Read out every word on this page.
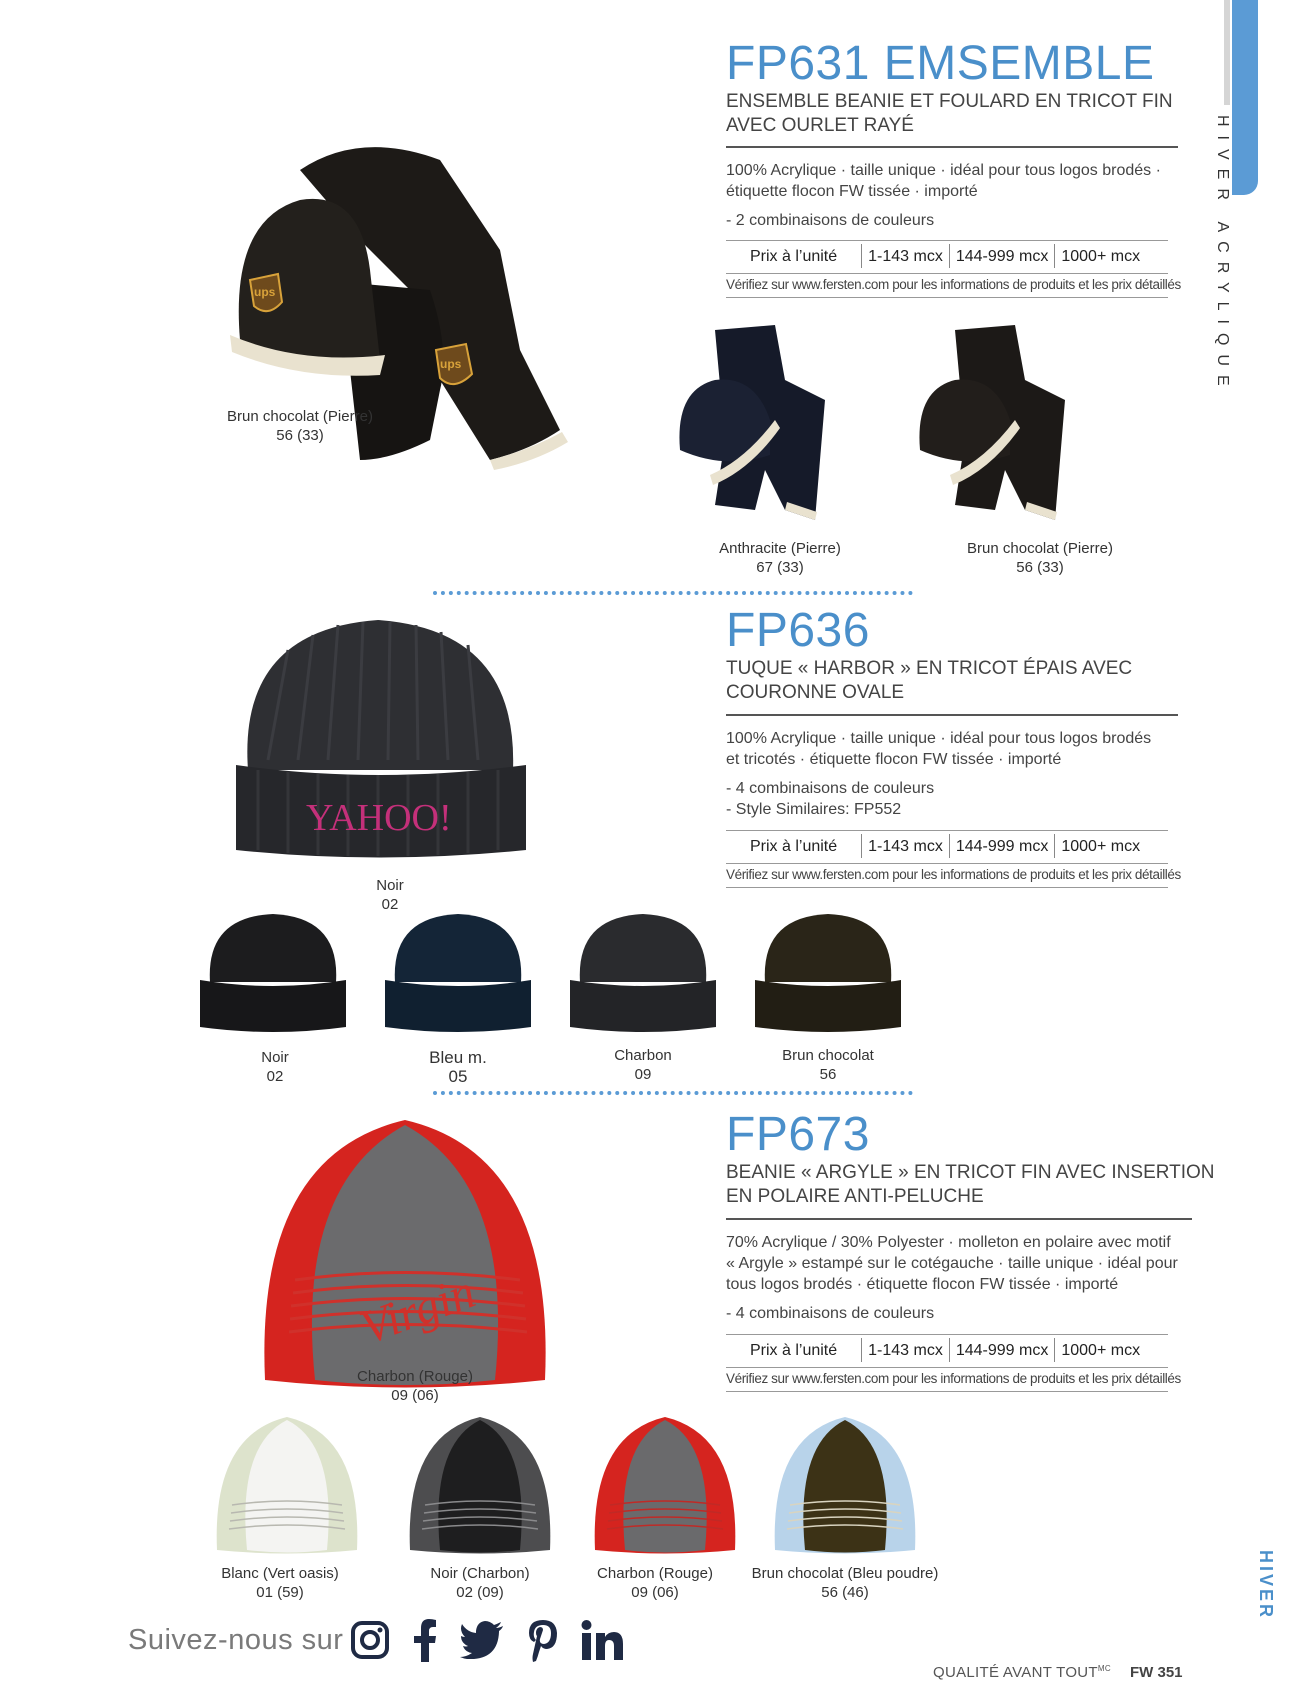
HIVER ACRYLIQUE
HIVER
FP631 EMSEMBLE
ENSEMBLE BEANIE ET FOULARD EN TRICOT FIN
AVEC OURLET RAYÉ
100% Acrylique · taille unique · idéal pour tous logos brodés ·
étiquette flocon FW tissée · importé
- 2 combinaisons de couleurs
Prix à l’unité	1-143 mcx	144-999 mcx	1000+ mcx
Vérifiez sur www.fersten.com pour les informations de produits et les prix détaillés
ups
ups
Brun chocolat (Pierre)
56 (33)
Anthracite (Pierre)
67 (33)
Brun chocolat (Pierre)
56 (33)
FP636
TUQUE « HARBOR » EN TRICOT ÉPAIS AVEC
COURONNE OVALE
100% Acrylique · taille unique · idéal pour tous logos brodés
et tricotés · étiquette flocon FW tissée · importé
- 4 combinaisons de couleurs
- Style Similaires: FP552
Prix à l’unité	1-143 mcx	144-999 mcx	1000+ mcx
Vérifiez sur www.fersten.com pour les informations de produits et les prix détaillés
YAHOO!
Noir
02
Noir
02
Bleu m.
05
Charbon
09
Brun chocolat
56
FP673
BEANIE « ARGYLE » EN TRICOT FIN AVEC INSERTION
EN POLAIRE ANTI-PELUCHE
70% Acrylique / 30% Polyester · molleton en polaire avec motif
« Argyle » estampé sur le cotégauche · taille unique · idéal pour
tous logos brodés · étiquette flocon FW tissée · importé
- 4 combinaisons de couleurs
Prix à l’unité	1-143 mcx	144-999 mcx	1000+ mcx
Vérifiez sur www.fersten.com pour les informations de produits et les prix détaillés
Virgin
Charbon (Rouge)
09 (06)
Blanc (Vert oasis)
01 (59)
Noir (Charbon)
02 (09)
Charbon (Rouge)
09 (06)
Brun chocolat (Bleu poudre)
56 (46)
Suivez-nous sur
QUALITÉ AVANT $TOUT^{MC}$ FW 351
